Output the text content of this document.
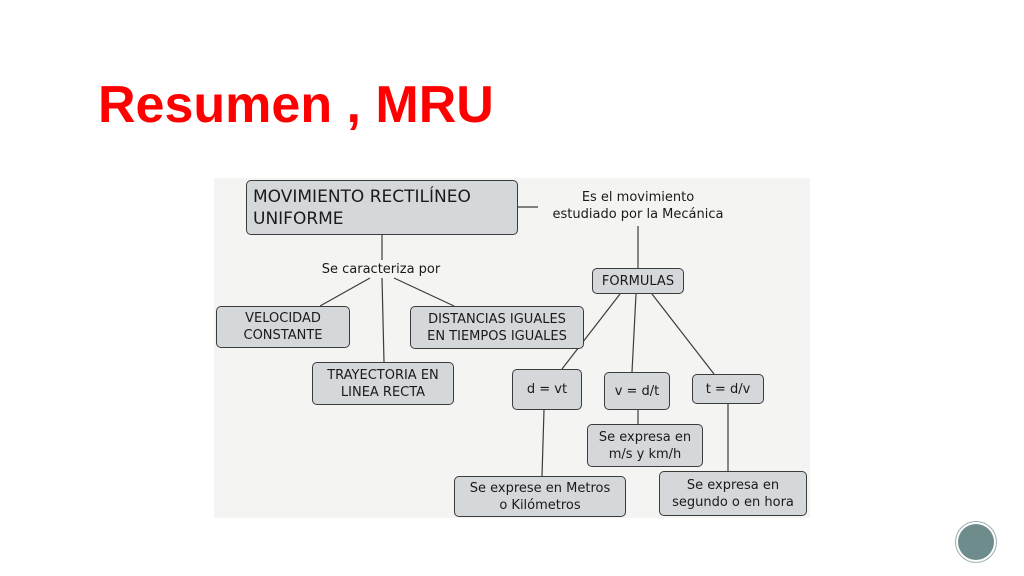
Resumen , MRU
MOVIMIENTO RECTILÍNEO
UNIFORME
Es el movimiento
estudiado por la Mecánica
Se caracteriza por
VELOCIDAD
CONSTANTE
TRAYECTORIA EN
LINEA RECTA
DISTANCIAS IGUALES
EN TIEMPOS IGUALES
FORMULAS
d = vt	v = d/t	t = d/v
Se expresa en
m/s y km/h
Se exprese en Metros
o Kilómetros
Se expresa en
segundo o en hora
